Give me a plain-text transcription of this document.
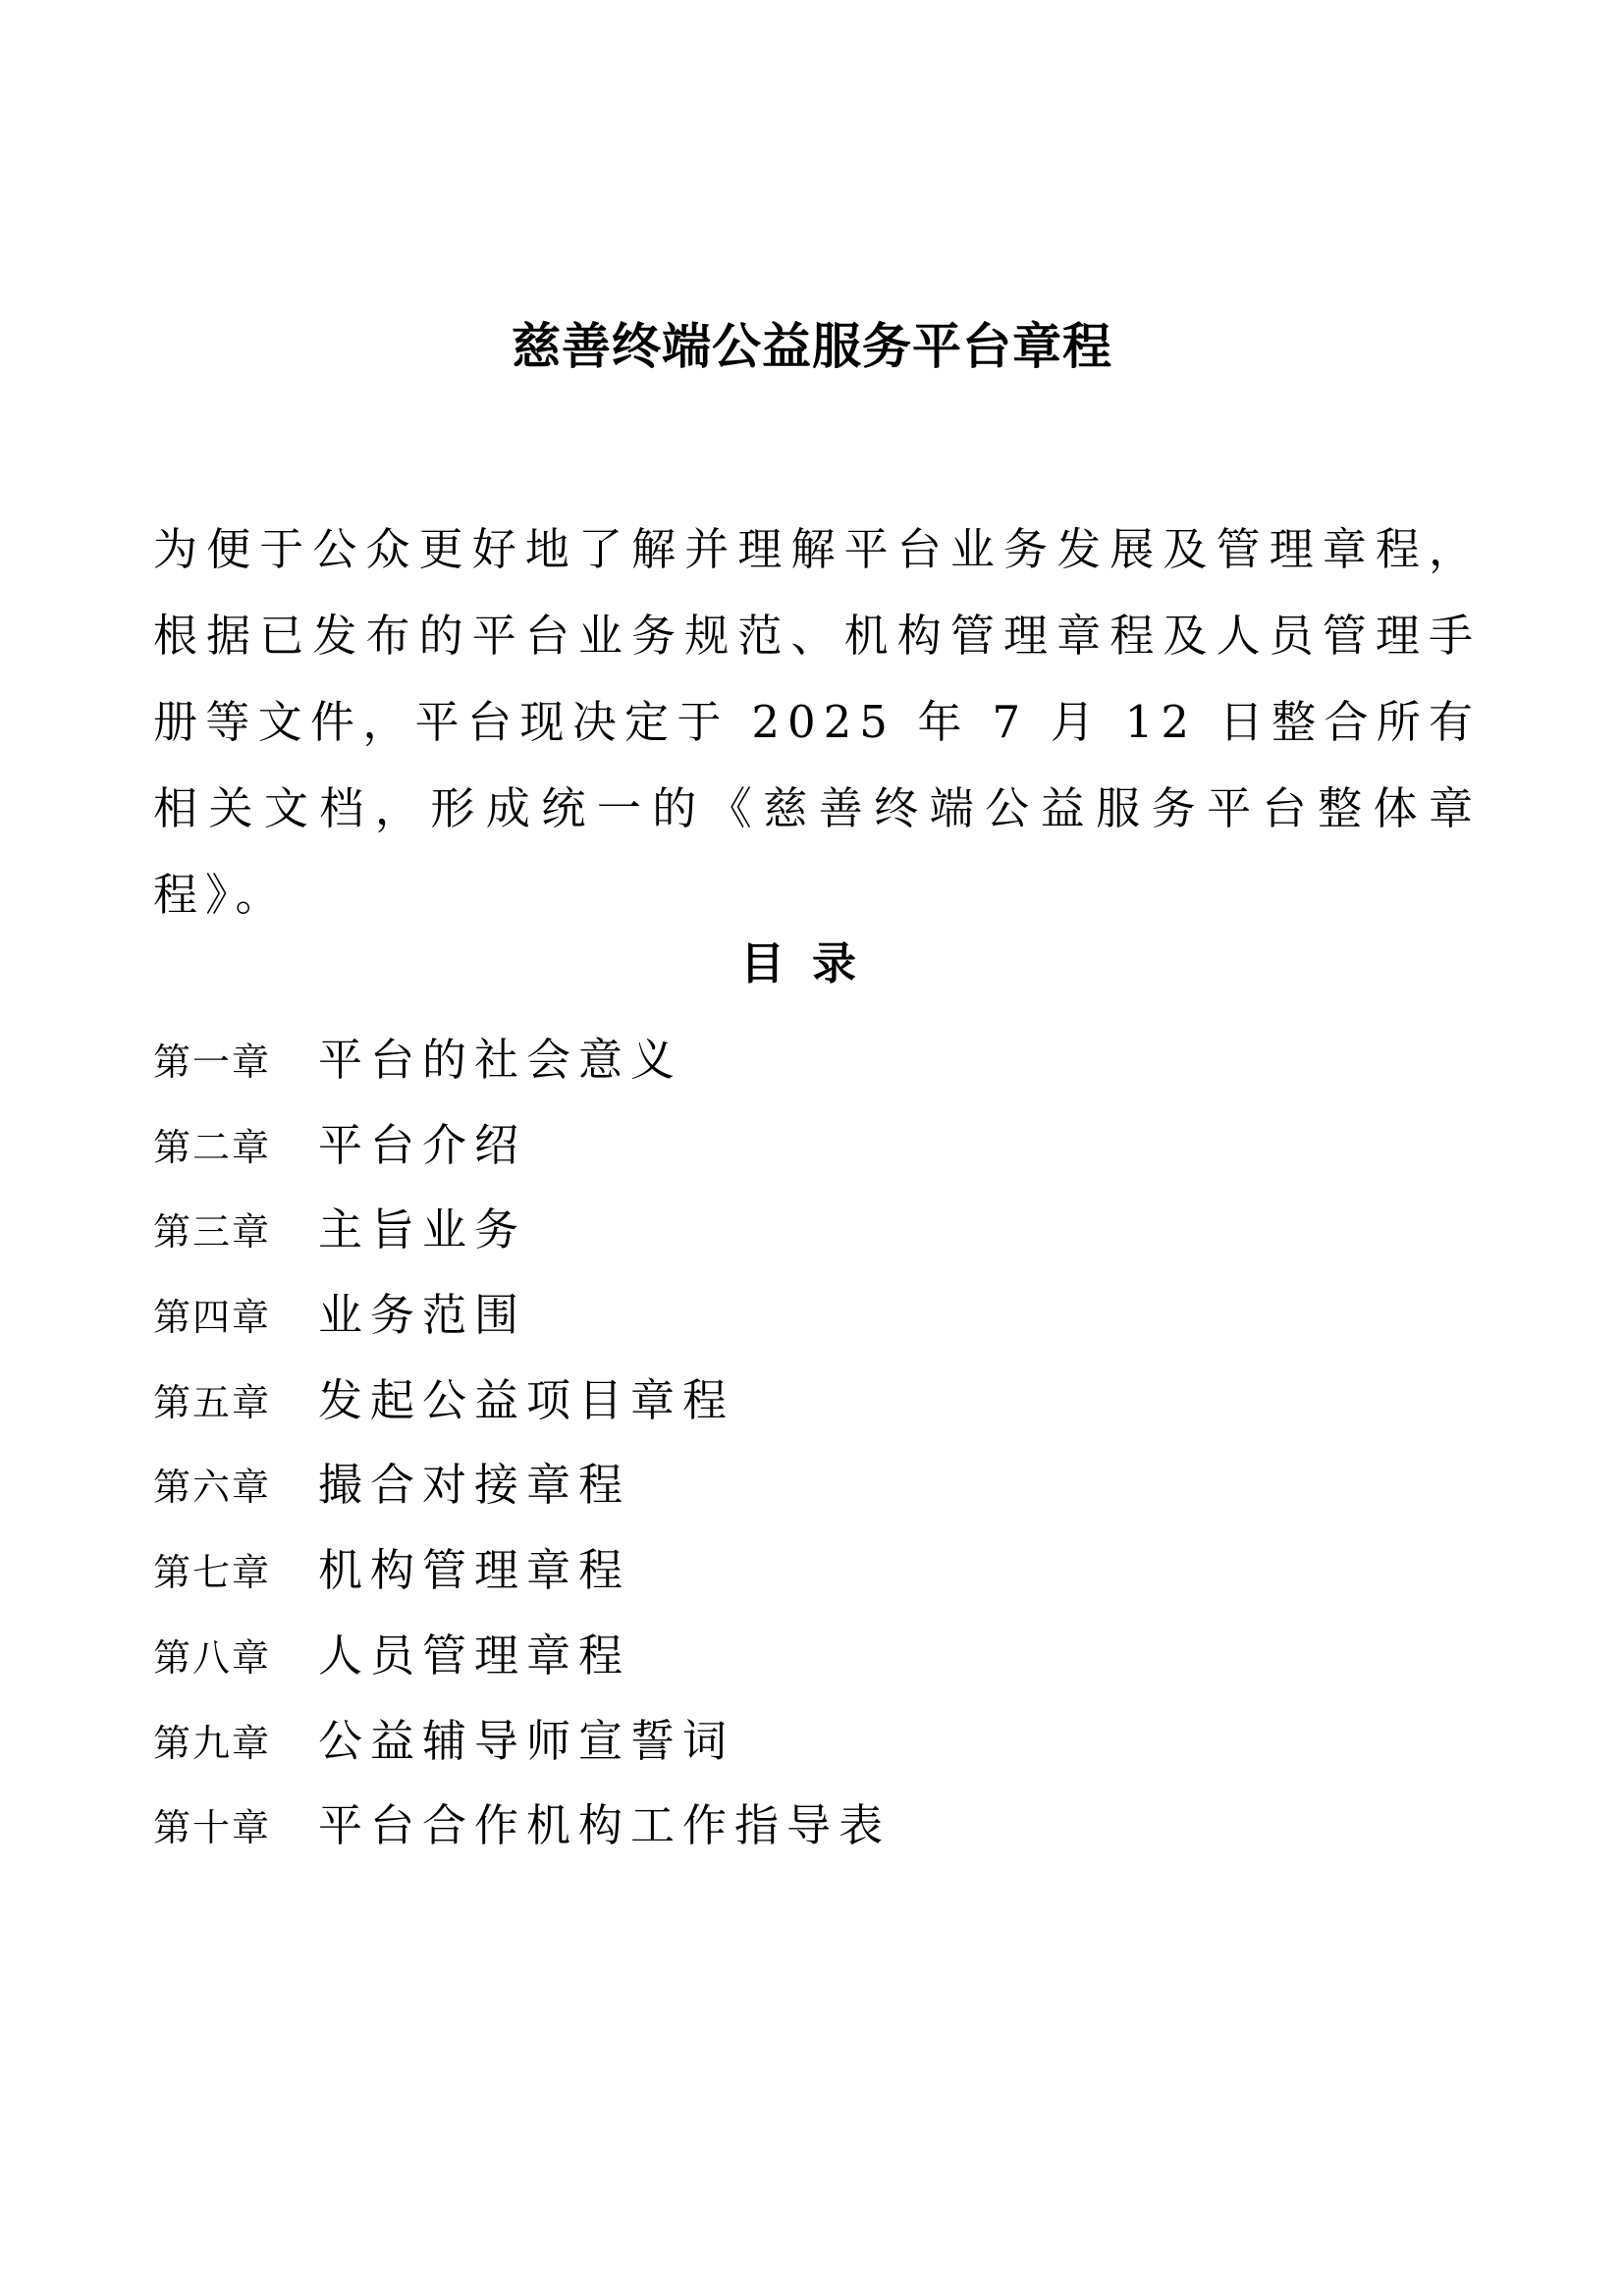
慈善终端公益服务平台章程

为便于公众更好地了解并理解平台业务发展及管理章程，根据已发布的平台业务规范、机构管理章程及人员管理手册等文件，平台现决定于 2025 年 7 月 12 日整合所有相关文档，形成统一的《慈善终端公益服务平台整体章程》。

目录
第一章 平台的社会意义
第二章 平台介绍
第三章 主旨业务
第四章 业务范围
第五章 发起公益项目章程
第六章 撮合对接章程
第七章 机构管理章程
第八章 人员管理章程
第九章 公益辅导师宣誓词
第十章 平台合作机构工作指导表
